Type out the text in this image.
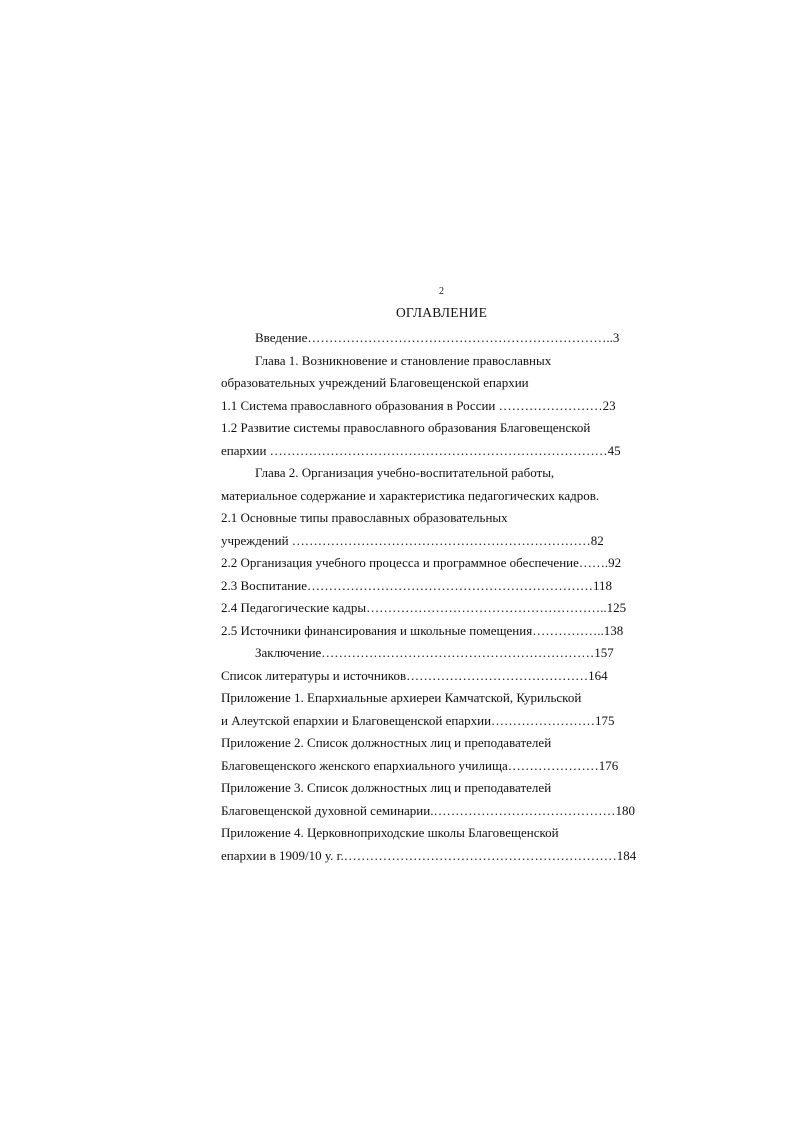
2
ОГЛАВЛЕНИЕ
Введение……………………………………………………………..3
Глава 1. Возникновение и становление православных
образовательных учреждений Благовещенской епархии
1.1 Система православного образования в России ……………………23
1.2 Развитие системы православного образования Благовещенской
епархии ……………………………………………………………………45
Глава 2. Организация учебно-воспитательной работы,
материальное содержание и характеристика педагогических кадров.
2.1 Основные типы православных образовательных
учреждений ……………………………………………………………82
2.2 Организация учебного процесса и программное обеспечение…….92
2.3 Воспитание…………………………………………………………118
2.4 Педагогические кадры………………………………………………..125
2.5 Источники финансирования и школьные помещения……………..138
Заключение………………………………………………………157
Список литературы и источников……………………………………164
Приложение 1. Епархиальные архиереи Камчатской, Курильской
и Алеутской епархии и Благовещенской епархии……………………175
Приложение 2. Список должностных лиц и преподавателей
Благовещенского женского епархиального училища…………………176
Приложение 3. Список должностных лиц и преподавателей
Благовещенской духовной семинарии.……………………………………180
Приложение 4. Церковноприходские школы Благовещенской
епархии в 1909/10 у. г.………………………………………………………184
